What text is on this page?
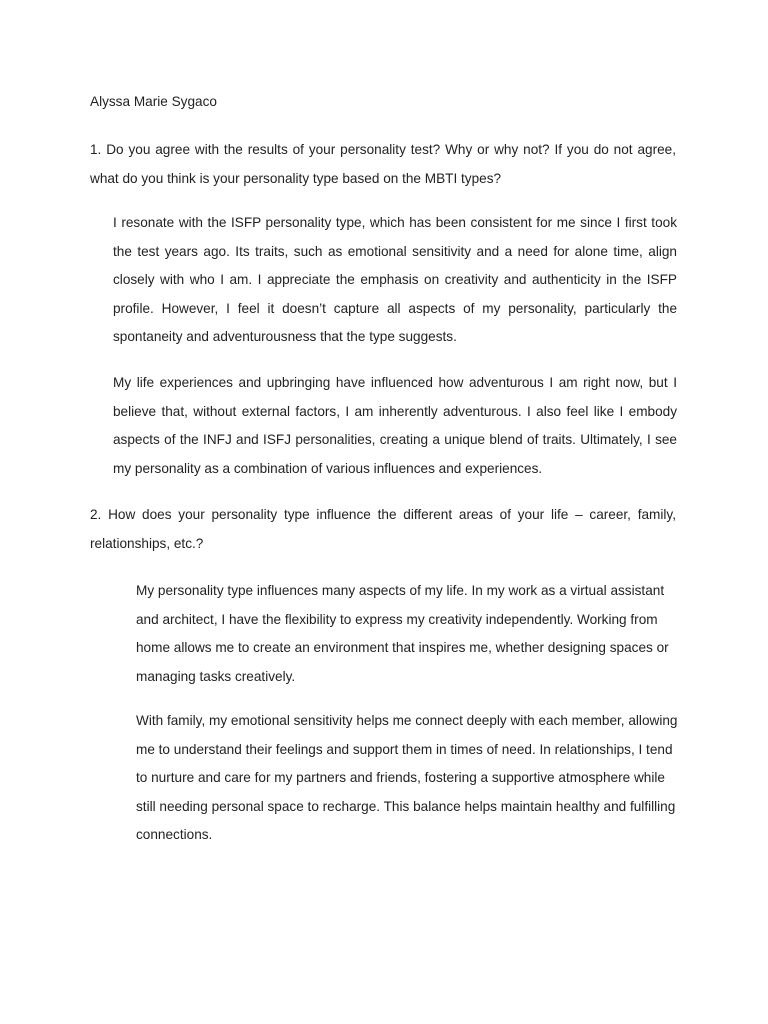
Alyssa Marie Sygaco

1. Do you agree with the results of your personality test? Why or why not? If you do not agree, what do you think is your personality type based on the MBTI types?

I resonate with the ISFP personality type, which has been consistent for me since I first took the test years ago. Its traits, such as emotional sensitivity and a need for alone time, align closely with who I am. I appreciate the emphasis on creativity and authenticity in the ISFP profile. However, I feel it doesn’t capture all aspects of my personality, particularly the spontaneity and adventurousness that the type suggests.

My life experiences and upbringing have influenced how adventurous I am right now, but I believe that, without external factors, I am inherently adventurous. I also feel like I embody aspects of the INFJ and ISFJ personalities, creating a unique blend of traits. Ultimately, I see my personality as a combination of various influences and experiences.

2. How does your personality type influence the different areas of your life – career, family, relationships, etc.?

My personality type influences many aspects of my life. In my work as a virtual assistant and architect, I have the flexibility to express my creativity independently. Working from home allows me to create an environment that inspires me, whether designing spaces or managing tasks creatively.

With family, my emotional sensitivity helps me connect deeply with each member, allowing me to understand their feelings and support them in times of need. In relationships, I tend to nurture and care for my partners and friends, fostering a supportive atmosphere while still needing personal space to recharge. This balance helps maintain healthy and fulfilling connections.
